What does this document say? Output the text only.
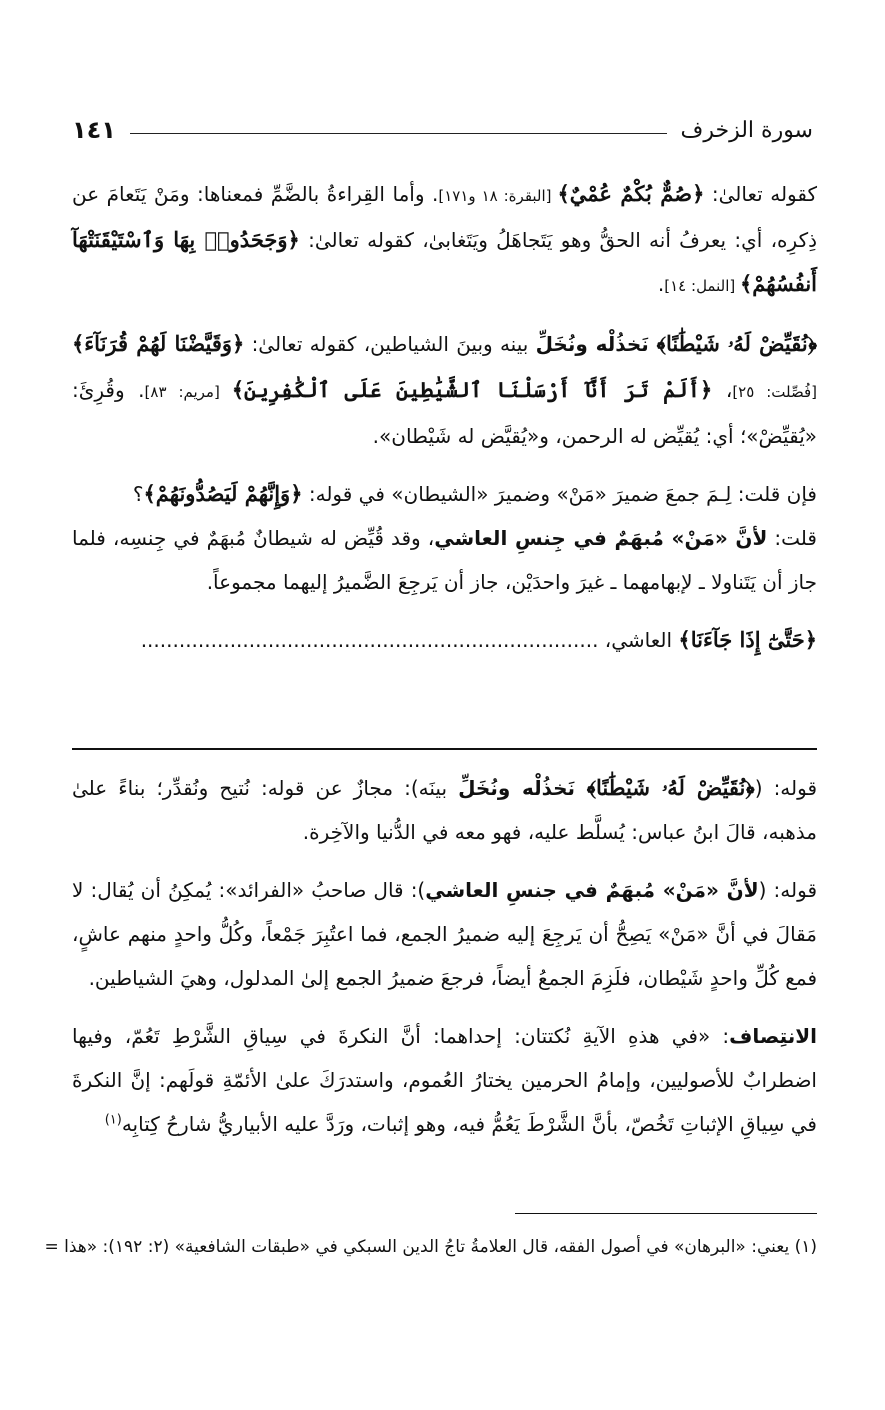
سورة الزخرف
١٤١

كقوله تعالىٰ: ﴿صُمٌّ بُكْمٌ عُمْيٌ﴾ [البقرة: ١٨ و١٧١]. وأما القِراءةُ بالضَّمِّ فمعناها: ومَنْ يَتَعامَ عن ذِكرِه، أي: يعرفُ أنه الحقُّ وهو يَتَجاهَلُ ويَتَغابىٰ، كقوله تعالىٰ: ﴿وَجَحَدُوا۟ بِهَا وَٱسْتَيْقَنَتْهَآ أَنفُسُهُمْ﴾ [النمل: ١٤].

﴿نُقَيِّضْ لَهُۥ شَيْطَٰنًا﴾ نَخذُلْه ونُخَلِّ بينه وبينَ الشياطين، كقوله تعالىٰ: ﴿وَقَيَّضْنَا لَهُمْ قُرَنَآءَ﴾ [فُصِّلت: ٢٥]، ﴿أَلَمْ تَرَ أَنَّآ أَرْسَلْنَا ٱلشَّيَٰطِينَ عَلَى ٱلْكَٰفِرِينَ﴾ [مريم: ٨٣]. وقُرِئَ: «يُقيِّضْ»؛ أي: يُقيِّض له الرحمن، و«يُقيَّض له شَيْطان».

فإن قلت: لِـمَ جمعَ ضميرَ «مَنْ» وضميرَ «الشيطان» في قوله: ﴿وَإِنَّهُمْ لَيَصُدُّونَهُمْ﴾؟

قلت: لأنَّ «مَنْ» مُبهَمٌ في جِنسِ العاشي، وقد قُيِّض له شيطانٌ مُبهَمٌ في جِنسِه، فلما جاز أن يَتَناولا ـ لإبهامهما ـ غيرَ واحدَيْن، جاز أن يَرجِعَ الضَّميرُ إليهما مجموعاً.

﴿حَتَّىٰٓ إِذَا جَآءَنَا﴾ العاشي، ........................................................................

قوله: (﴿نُقَيِّضْ لَهُۥ شَيْطَٰنًا﴾ نَخذُلْه ونُخَلِّ بينَه): مجازٌ عن قوله: نُتيح ونُقدِّر؛ بناءً علىٰ مذهبه، قالَ ابنُ عباس: يُسلَّط عليه، فهو معه في الدُّنيا والآخِرة.

قوله: (لأنَّ «مَنْ» مُبهَمٌ في جنسِ العاشي): قال صاحبُ «الفرائد»: يُمكِنُ أن يُقال: لا مَقالَ في أنَّ «مَنْ» يَصِحُّ أن يَرجِعَ إليه ضميرُ الجمع، فما اعتُبِرَ جَمْعاً، وكُلُّ واحدٍ منهم عاشٍ، فمع كُلِّ واحدٍ شَيْطان، فلَزِمَ الجمعُ أيضاً، فرجعَ ضميرُ الجمع إلىٰ المدلول، وهيَ الشياطين.

الانتِصاف: «في هذهِ الآيةِ نُكتتان: إحداهما: أنَّ النكرةَ في سِياقِ الشَّرْطِ تَعُمّ، وفيها اضطرابٌ للأصوليين، وإمامُ الحرمين يختارُ العُموم، واستدرَكَ علىٰ الأئمّةِ قولَهم: إنَّ النكرةَ في سِياقِ الإثباتِ تَخُصّ، بأنَّ الشَّرْطَ يَعُمُّ فيه، وهو إثبات، ورَدَّ عليه الأبياريُّ شارحُ كِتابِه$^{(١)}$

(١) يعني: «البرهان» في أصول الفقه، قال العلامةُ تاجُ الدين السبكي في «طبقات الشافعية» (٢: ١٩٢): «هذا =
